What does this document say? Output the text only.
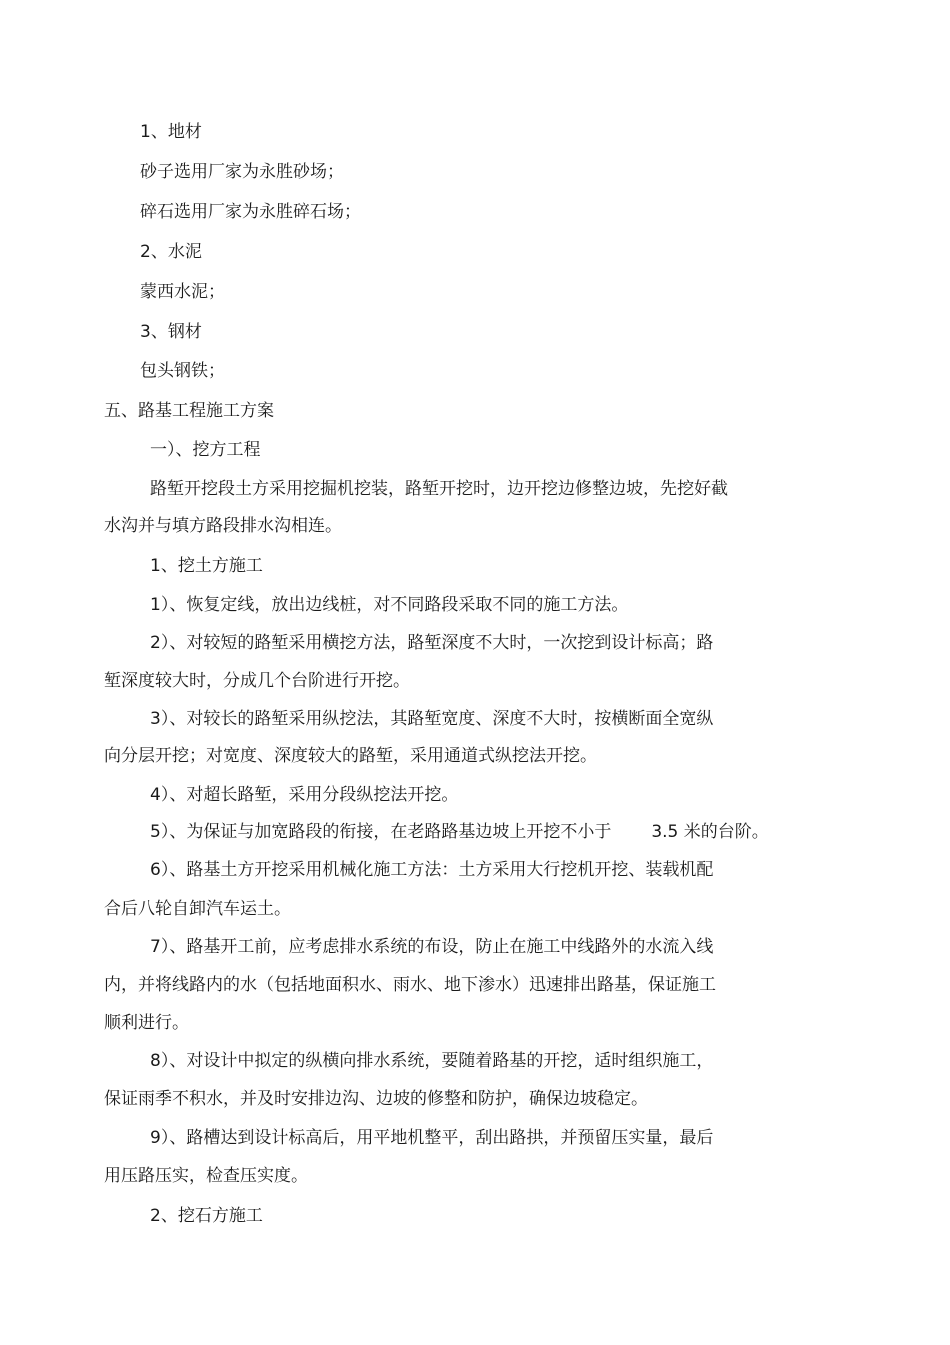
1、地材
砂子选用厂家为永胜砂场；
碎石选用厂家为永胜碎石场；
2、水泥
蒙西水泥；
3、钢材
包头钢铁；
五、路基工程施工方案
一）、挖方工程
路堑开挖段土方采用挖掘机挖装，路堑开挖时，边开挖边修整边坡，先挖好截
水沟并与填方路段排水沟相连。
1、挖土方施工
1）、恢复定线，放出边线桩，对不同路段采取不同的施工方法。
2）、对较短的路堑采用横挖方法，路堑深度不大时，一次挖到设计标高；路
堑深度较大时，分成几个台阶进行开挖。
3）、对较长的路堑采用纵挖法，其路堑宽度、深度不大时，按横断面全宽纵
向分层开挖；对宽度、深度较大的路堑，采用通道式纵挖法开挖。
4）、对超长路堑，采用分段纵挖法开挖。
5）、为保证与加宽路段的衔接，在老路路基边坡上开挖不小于 3.5 米的台阶。
6）、路基土方开挖采用机械化施工方法：土方采用大行挖机开挖、装载机配
合后八轮自卸汽车运土。
7）、路基开工前，应考虑排水系统的布设，防止在施工中线路外的水流入线
内，并将线路内的水（包括地面积水、雨水、地下渗水）迅速排出路基，保证施工
顺利进行。
8）、对设计中拟定的纵横向排水系统，要随着路基的开挖，适时组织施工，
保证雨季不积水，并及时安排边沟、边坡的修整和防护，确保边坡稳定。
9）、路槽达到设计标高后，用平地机整平，刮出路拱，并预留压实量，最后
用压路压实，检查压实度。
2、挖石方施工
